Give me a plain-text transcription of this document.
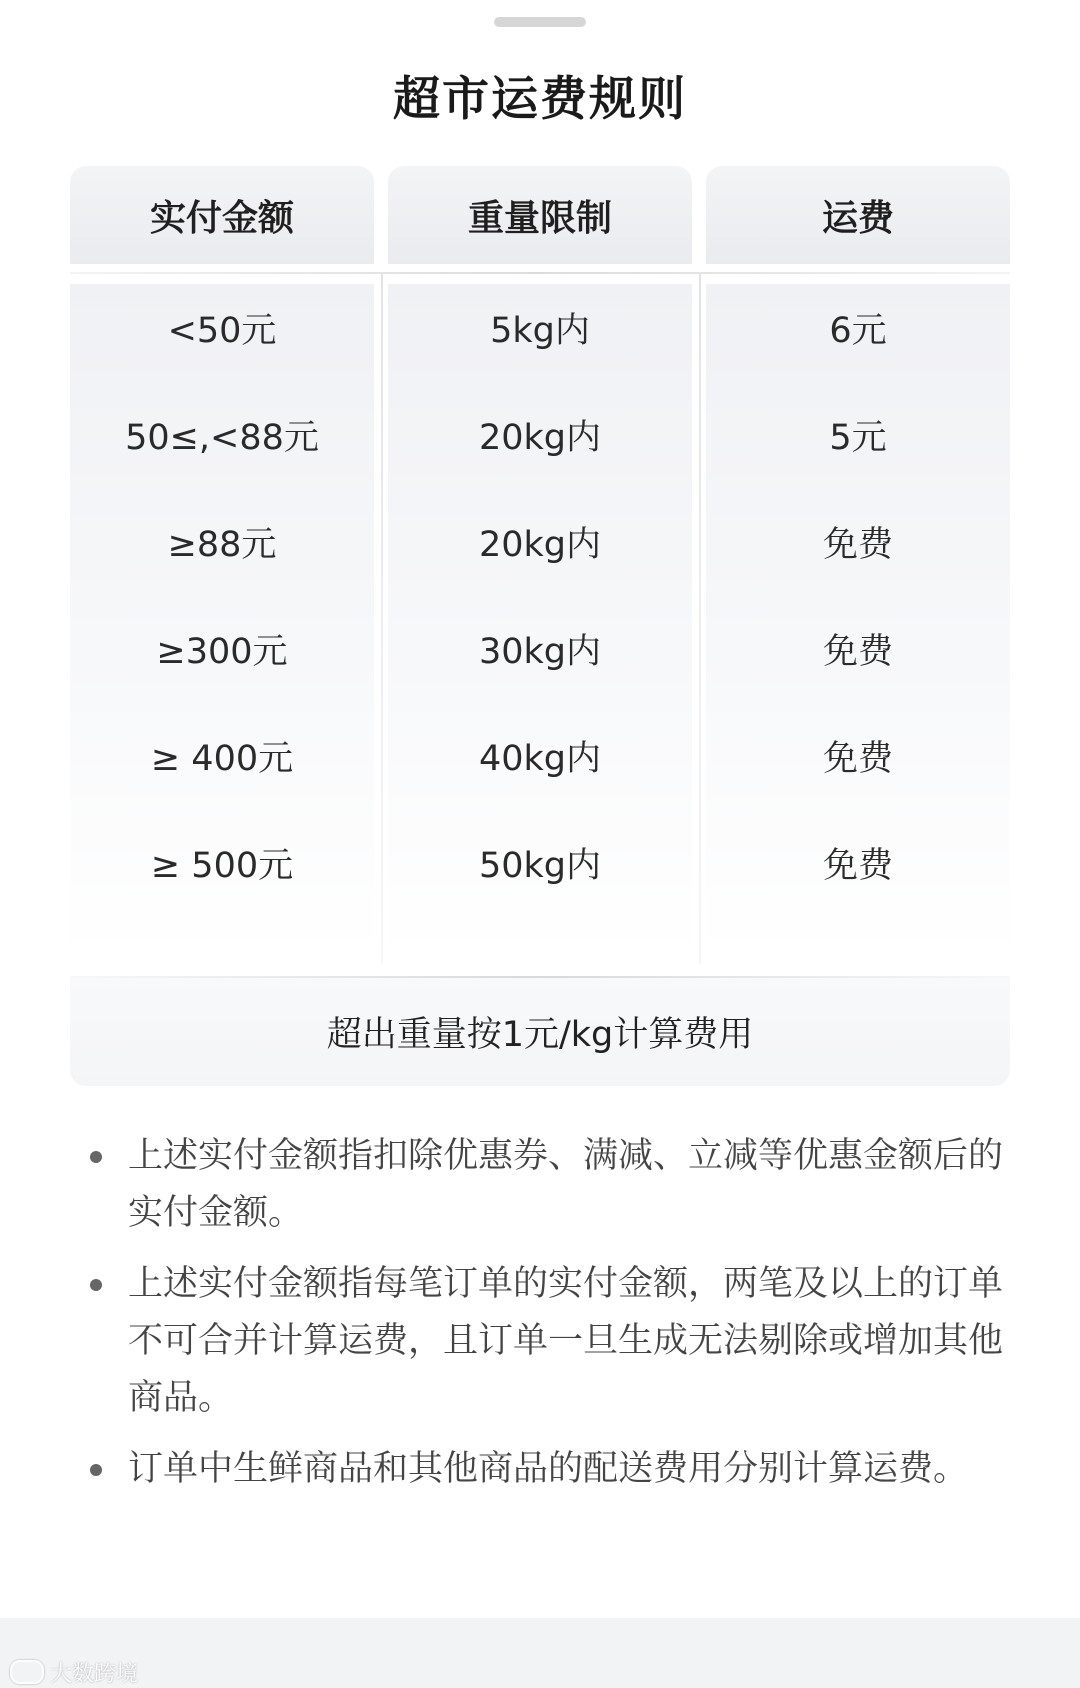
超市运费规则
实付金额
<50元
50≤,<88元
≥88元
≥300元
≥ 400元
≥ 500元
重量限制
5kg内
20kg内
20kg内
30kg内
40kg内
50kg内
运费
6元
5元
免费
免费
免费
免费
超出重量按1元/kg计算费用
上述实付金额指扣除优惠券、满减、立减等优惠金额后的实付金额。
上述实付金额指每笔订单的实付金额，两笔及以上的订单不可合并计算运费，且订单一旦生成无法剔除或增加其他商品。
订单中生鲜商品和其他商品的配送费用分别计算运费。
大数跨境
